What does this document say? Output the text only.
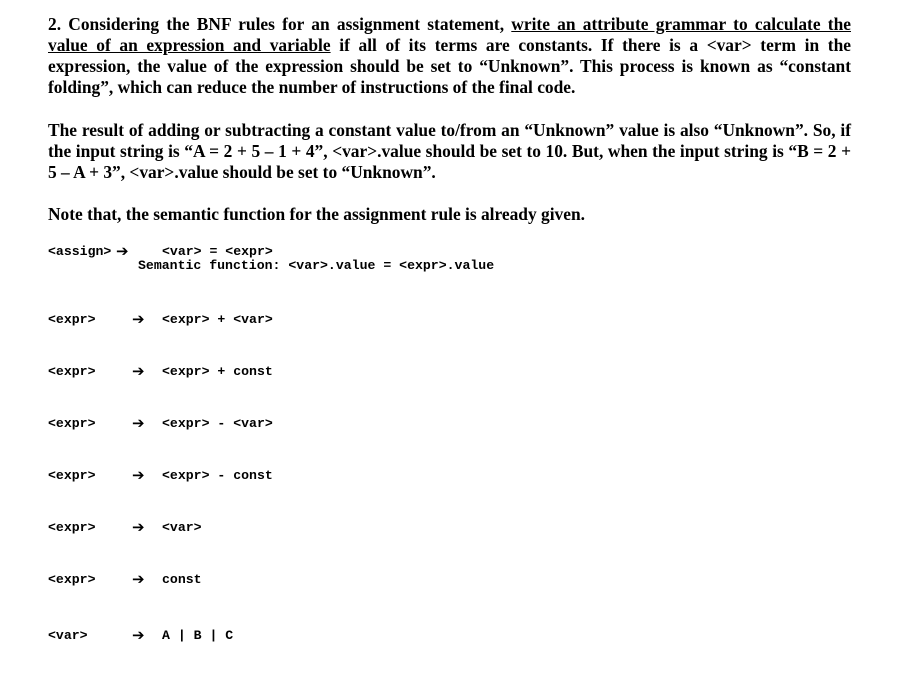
2. Considering the BNF rules for an assignment statement, write an attribute grammar to calculate the value of an expression and variable if all of its terms are constants. If there is a <var> term in the expression, the value of the expression should be set to “Unknown”. This process is known as “constant folding”, which can reduce the number of instructions of the final code.

The result of adding or subtracting a constant value to/from an “Unknown” value is also “Unknown”. So, if the input string is “A = 2 + 5 – 1 + 4”, <var>.value should be set to 10. But, when the input string is “B = 2 + 5 – A + 3”, <var>.value should be set to “Unknown”.

Note that, the semantic function for the assignment rule is already given.

<assign> ➔	<var> = <expr>
Semantic function: <var>.value = <expr>.value
<expr> ➔ <expr> + <var>
<expr> ➔ <expr> + const
<expr> ➔ <expr> - <var>
<expr> ➔ <expr> - const
<expr> ➔ <var>
<expr> ➔ const
<var>	➔ A | B | C
